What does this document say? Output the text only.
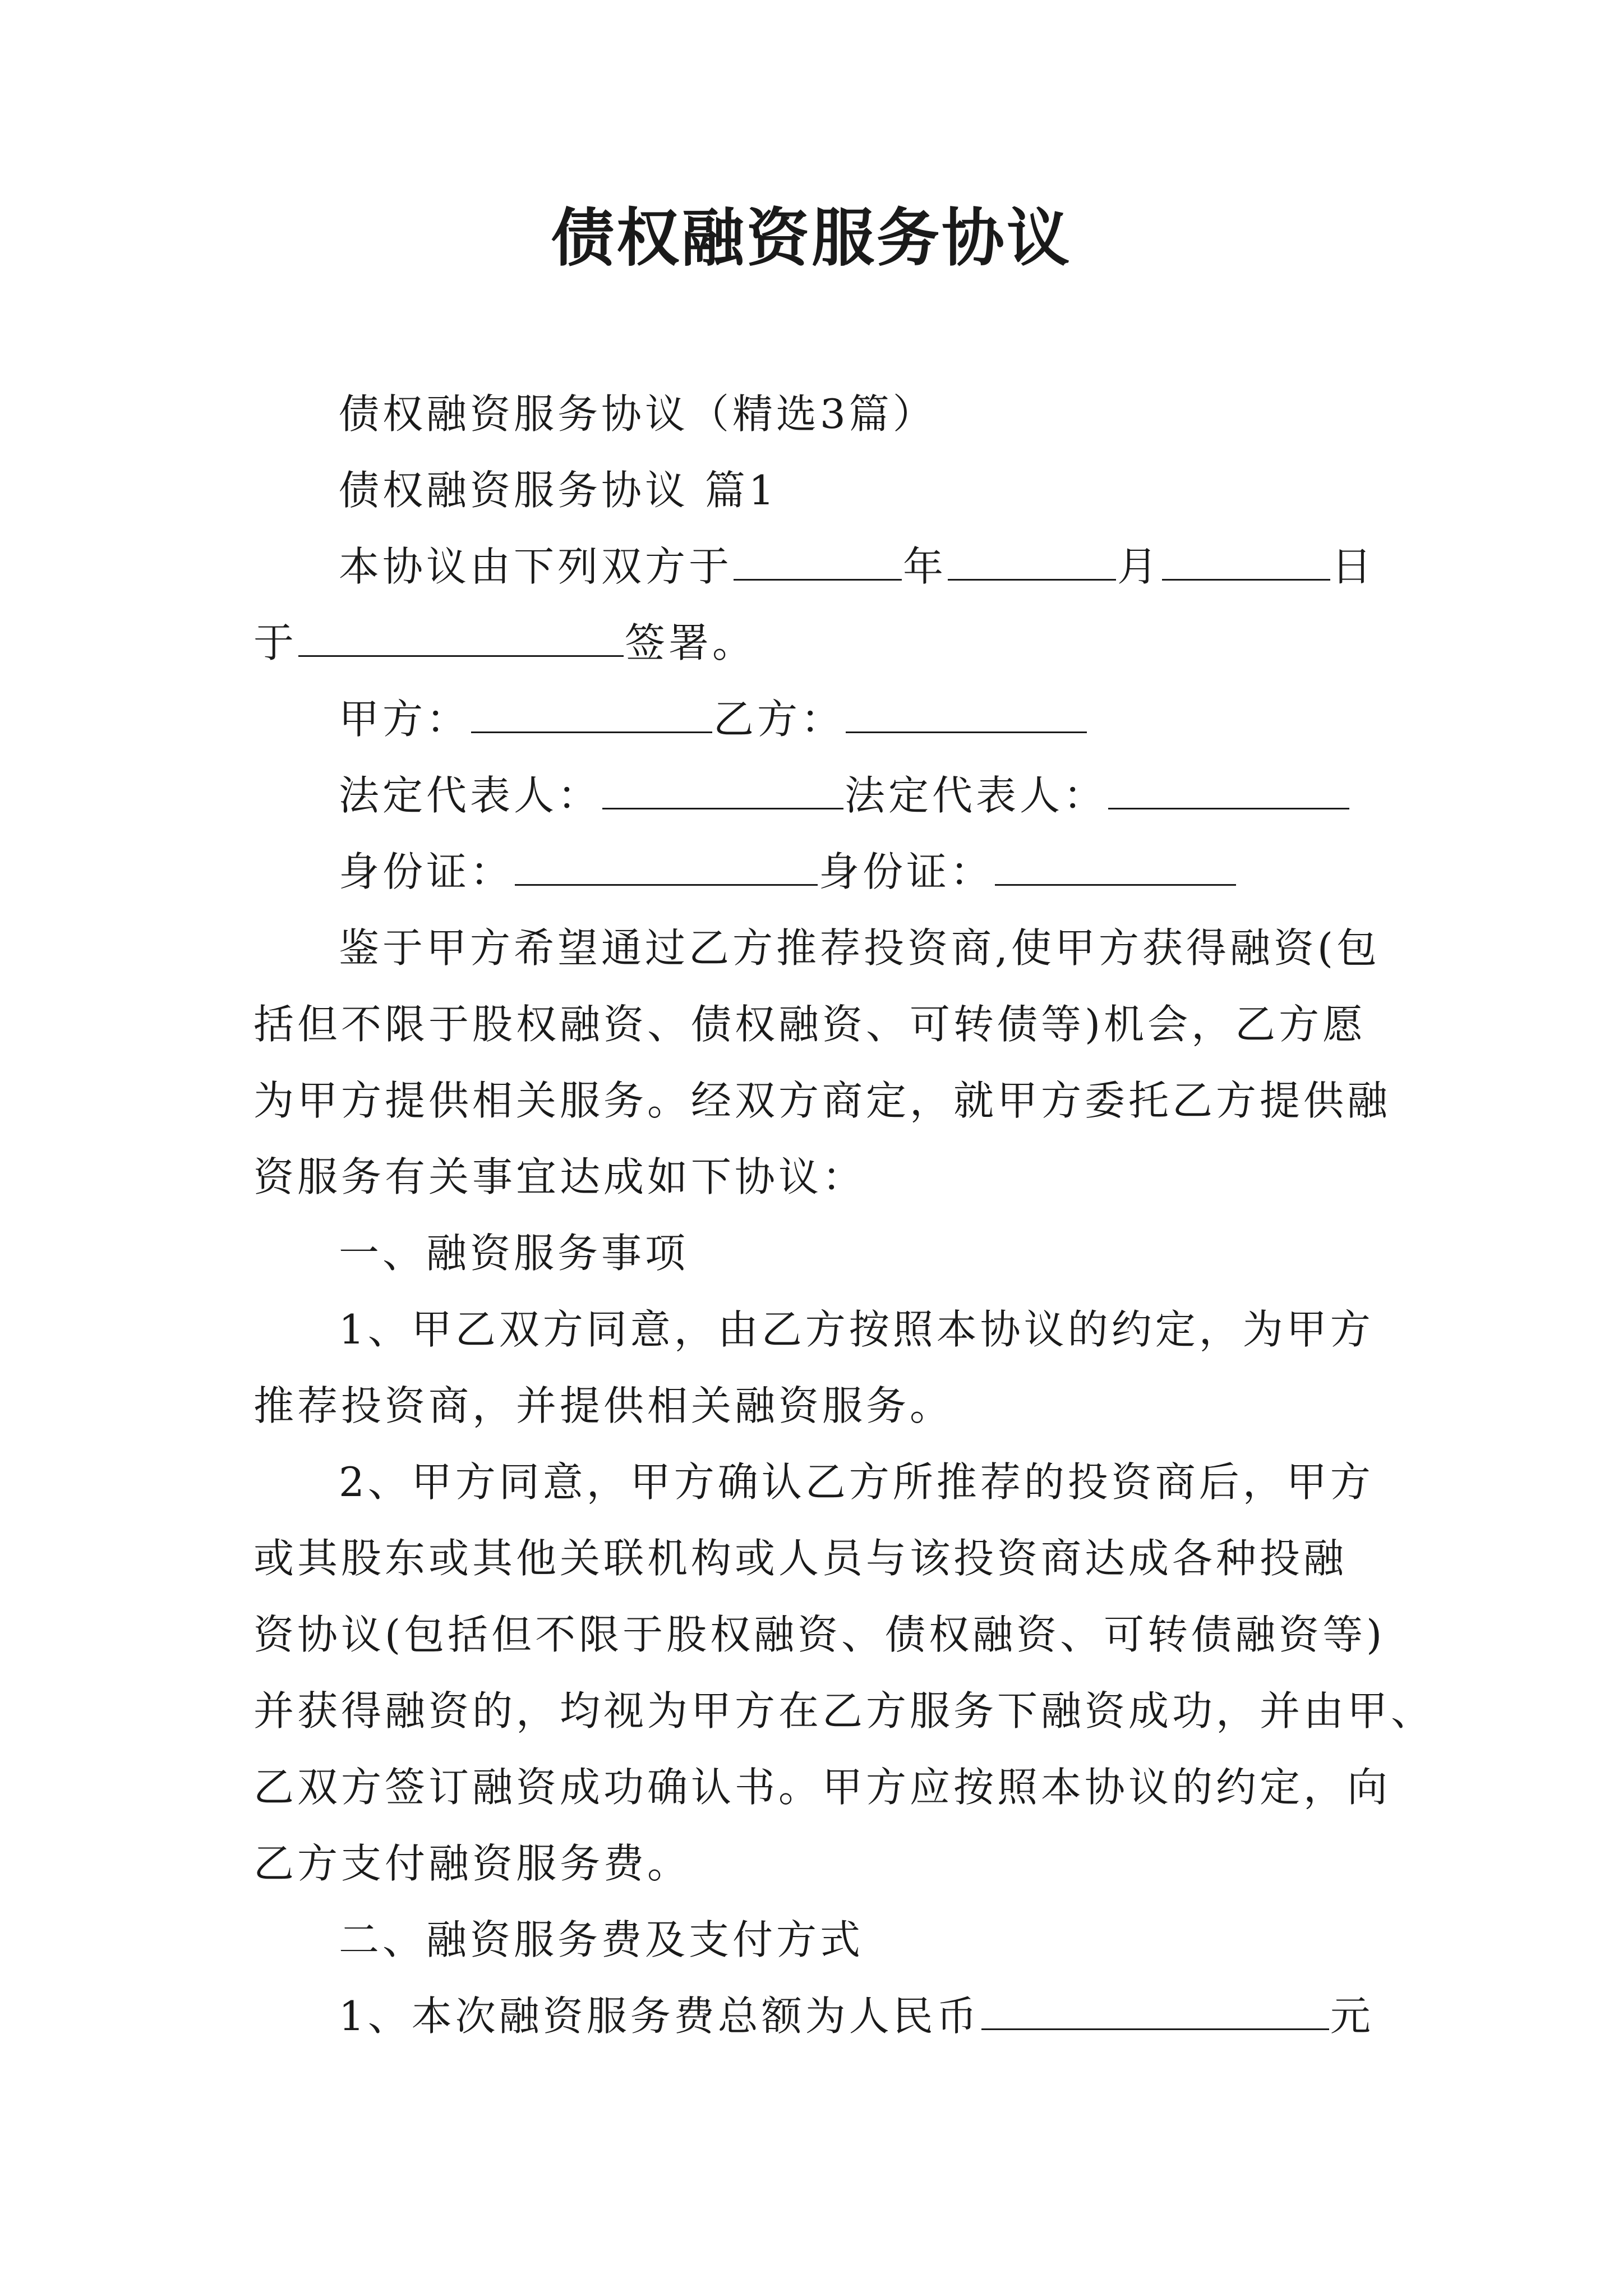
债权融资服务协议
债权融资服务协议（精选3篇）
债权融资服务协议 篇1
本协议由下列双方于	年	月	日
于	签署。
甲方：	乙方：
法定代表人：	法定代表人：
身份证：	身份证：
鉴于甲方希望通过乙方推荐投资商,使甲方获得融资(包
括但不限于股权融资、债权融资、可转债等)机会，乙方愿
为甲方提供相关服务。经双方商定，就甲方委托乙方提供融
资服务有关事宜达成如下协议：
一、融资服务事项
1、甲乙双方同意，由乙方按照本协议的约定，为甲方
推荐投资商，并提供相关融资服务。
2、甲方同意，甲方确认乙方所推荐的投资商后，甲方
或其股东或其他关联机构或人员与该投资商达成各种投融
资协议(包括但不限于股权融资、债权融资、可转债融资等)
并获得融资的，均视为甲方在乙方服务下融资成功，并由甲、
乙双方签订融资成功确认书。甲方应按照本协议的约定，向
乙方支付融资服务费。
二、融资服务费及支付方式
1、本次融资服务费总额为人民币	元
